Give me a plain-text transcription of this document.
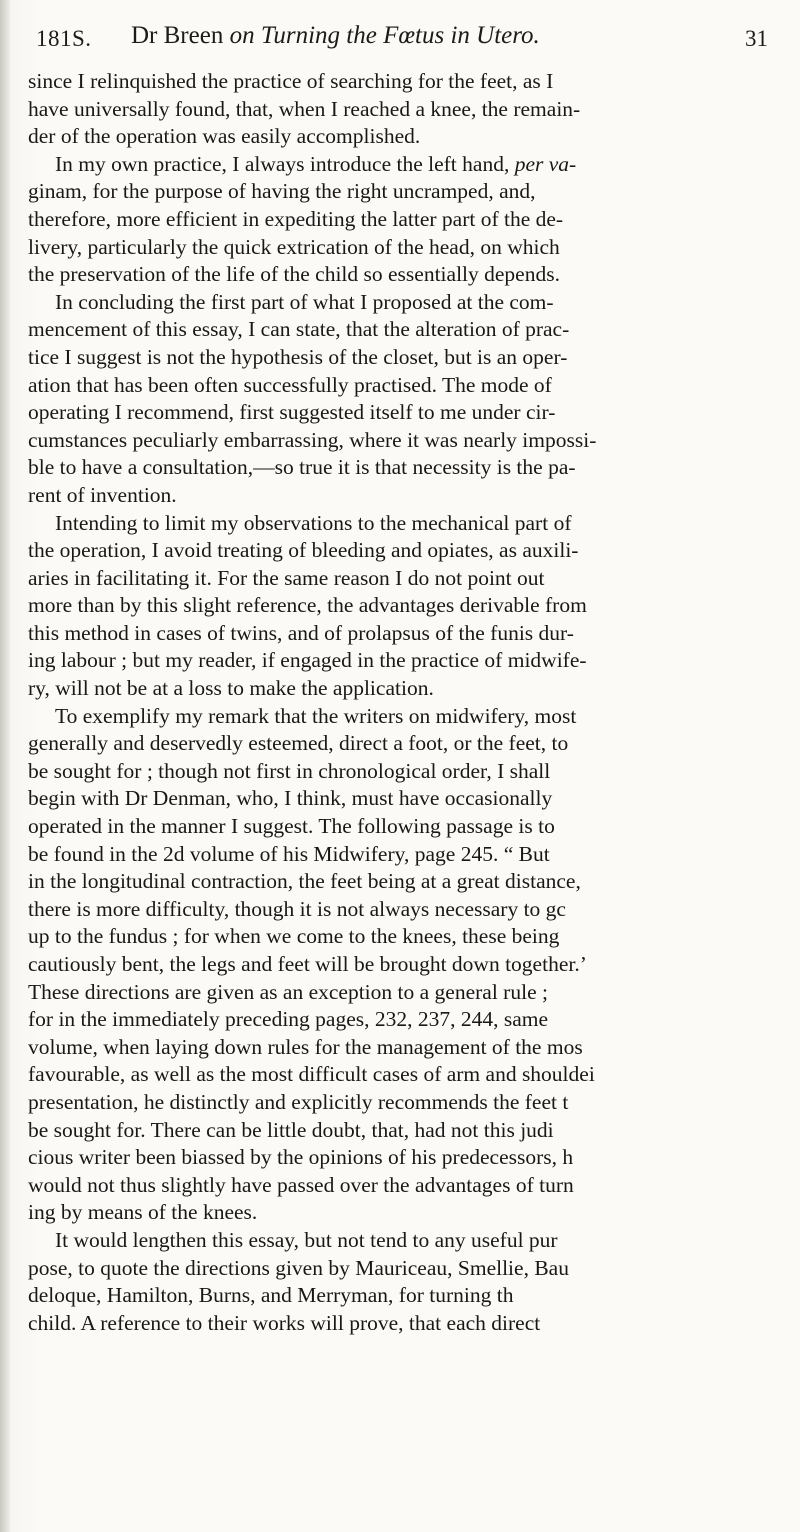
181S. Dr Breen on Turning the Fœtus in Utero.	31

since I relinquished the practice of searching for the feet, as I
have universally found, that, when I reached a knee, the remain-
der of the operation was easily accomplished.

In my own practice, I always introduce the left hand, per va-
ginam, for the purpose of having the right uncramped, and,
therefore, more efficient in expediting the latter part of the de-
livery, particularly the quick extrication of the head, on which
the preservation of the life of the child so essentially depends.

In concluding the first part of what I proposed at the com-
mencement of this essay, I can state, that the alteration of prac-
tice I suggest is not the hypothesis of the closet, but is an oper-
ation that has been often successfully practised. The mode of
operating I recommend, first suggested itself to me under cir-
cumstances peculiarly embarrassing, where it was nearly impossi-
ble to have a consultation,—so true it is that necessity is the pa-
rent of invention.

Intending to limit my observations to the mechanical part of
the operation, I avoid treating of bleeding and opiates, as auxili-
aries in facilitating it. For the same reason I do not point out
more than by this slight reference, the advantages derivable from
this method in cases of twins, and of prolapsus of the funis dur-
ing labour ; but my reader, if engaged in the practice of midwife-
ry, will not be at a loss to make the application.

To exemplify my remark that the writers on midwifery, most
generally and deservedly esteemed, direct a foot, or the feet, to
be sought for ; though not first in chronological order, I shall
begin with Dr Denman, who, I think, must have occasionally
operated in the manner I suggest. The following passage is to
be found in the 2d volume of his Midwifery, page 245. “ But
in the longitudinal contraction, the feet being at a great distance,
there is more difficulty, though it is not always necessary to gc
up to the fundus ; for when we come to the knees, these being
cautiously bent, the legs and feet will be brought down together.’
These directions are given as an exception to a general rule ;
for in the immediately preceding pages, 232, 237, 244, same
volume, when laying down rules for the management of the mos
favourable, as well as the most difficult cases of arm and shouldei
presentation, he distinctly and explicitly recommends the feet t
be sought for. There can be little doubt, that, had not this judi
cious writer been biassed by the opinions of his predecessors, h
would not thus slightly have passed over the advantages of turn
ing by means of the knees.

It would lengthen this essay, but not tend to any useful pur
pose, to quote the directions given by Mauriceau, Smellie, Bau
deloque, Hamilton, Burns, and Merryman, for turning th
child. A reference to their works will prove, that each direct
